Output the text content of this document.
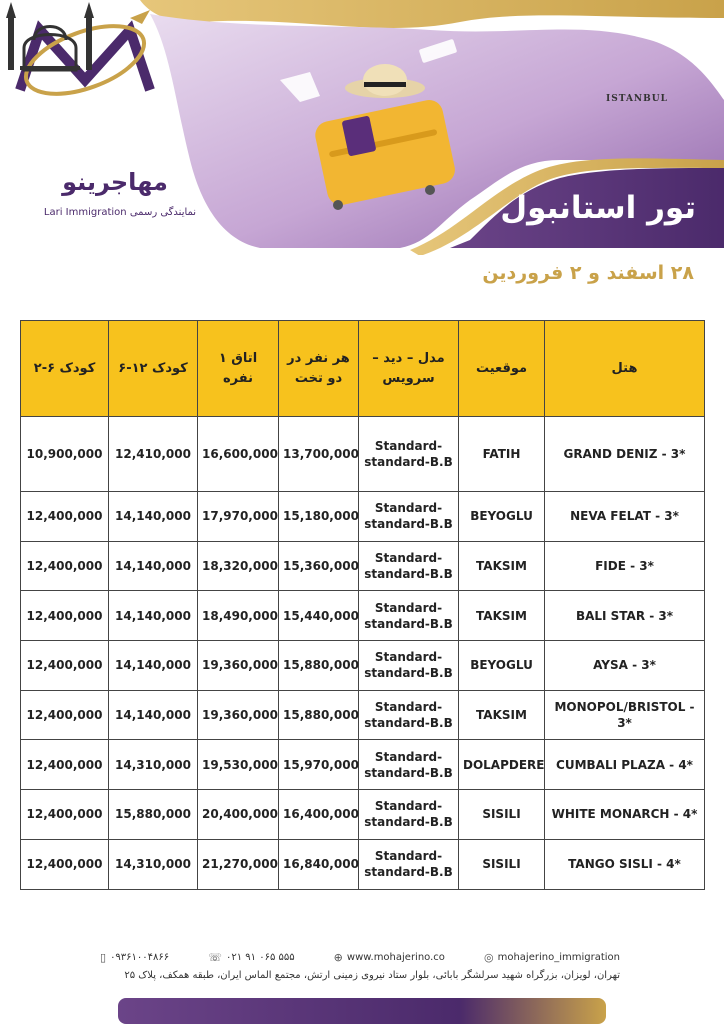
مهاجرینو
Lari Immigration نمایندگی رسمی
ISTANBUL
تور استانبول
۲۸ اسفند و ۲ فروردین
کودک ۶-۲	کودک ۱۲-۶	اتاق ۱ نفره	هر نفر در دو تخت	مدل – دید – سرویس	موقعیت	هتل
10,900,000	12,410,000	16,600,000	13,700,000	Standard-standard-B.B	FATIH	GRAND DENIZ - 3*
12,400,000	14,140,000	17,970,000	15,180,000	Standard-standard-B.B	BEYOGLU	NEVA FELAT - 3*
12,400,000	14,140,000	18,320,000	15,360,000	Standard-standard-B.B	TAKSIM	FIDE - 3*
12,400,000	14,140,000	18,490,000	15,440,000	Standard-standard-B.B	TAKSIM	BALI STAR - 3*
12,400,000	14,140,000	19,360,000	15,880,000	Standard-standard-B.B	BEYOGLU	AYSA - 3*
12,400,000	14,140,000	19,360,000	15,880,000	Standard-standard-B.B	TAKSIM	MONOPOL/BRISTOL - 3*
12,400,000	14,310,000	19,530,000	15,970,000	Standard-standard-B.B	DOLAPDERE	CUMBALI PLAZA - 4*
12,400,000	15,880,000	20,400,000	16,400,000	Standard-standard-B.B	SISILI	WHITE MONARCH - 4*
12,400,000	14,310,000	21,270,000	16,840,000	Standard-standard-B.B	SISILI	TANGO SISLI - 4*
▯ ۰۹۳۶۱۰۰۴۸۶۶	☏ ۰۲۱ ۹۱ ۰۶۵ ۵۵۵	⊕ www.mohajerino.co	◎ mohajerino_immigration
تهران، لویزان، بزرگراه شهید سرلشگر بابائی، بلوار ستاد نیروی زمینی ارتش، مجتمع الماس ایران، طبقه همکف، پلاک ۲۵
